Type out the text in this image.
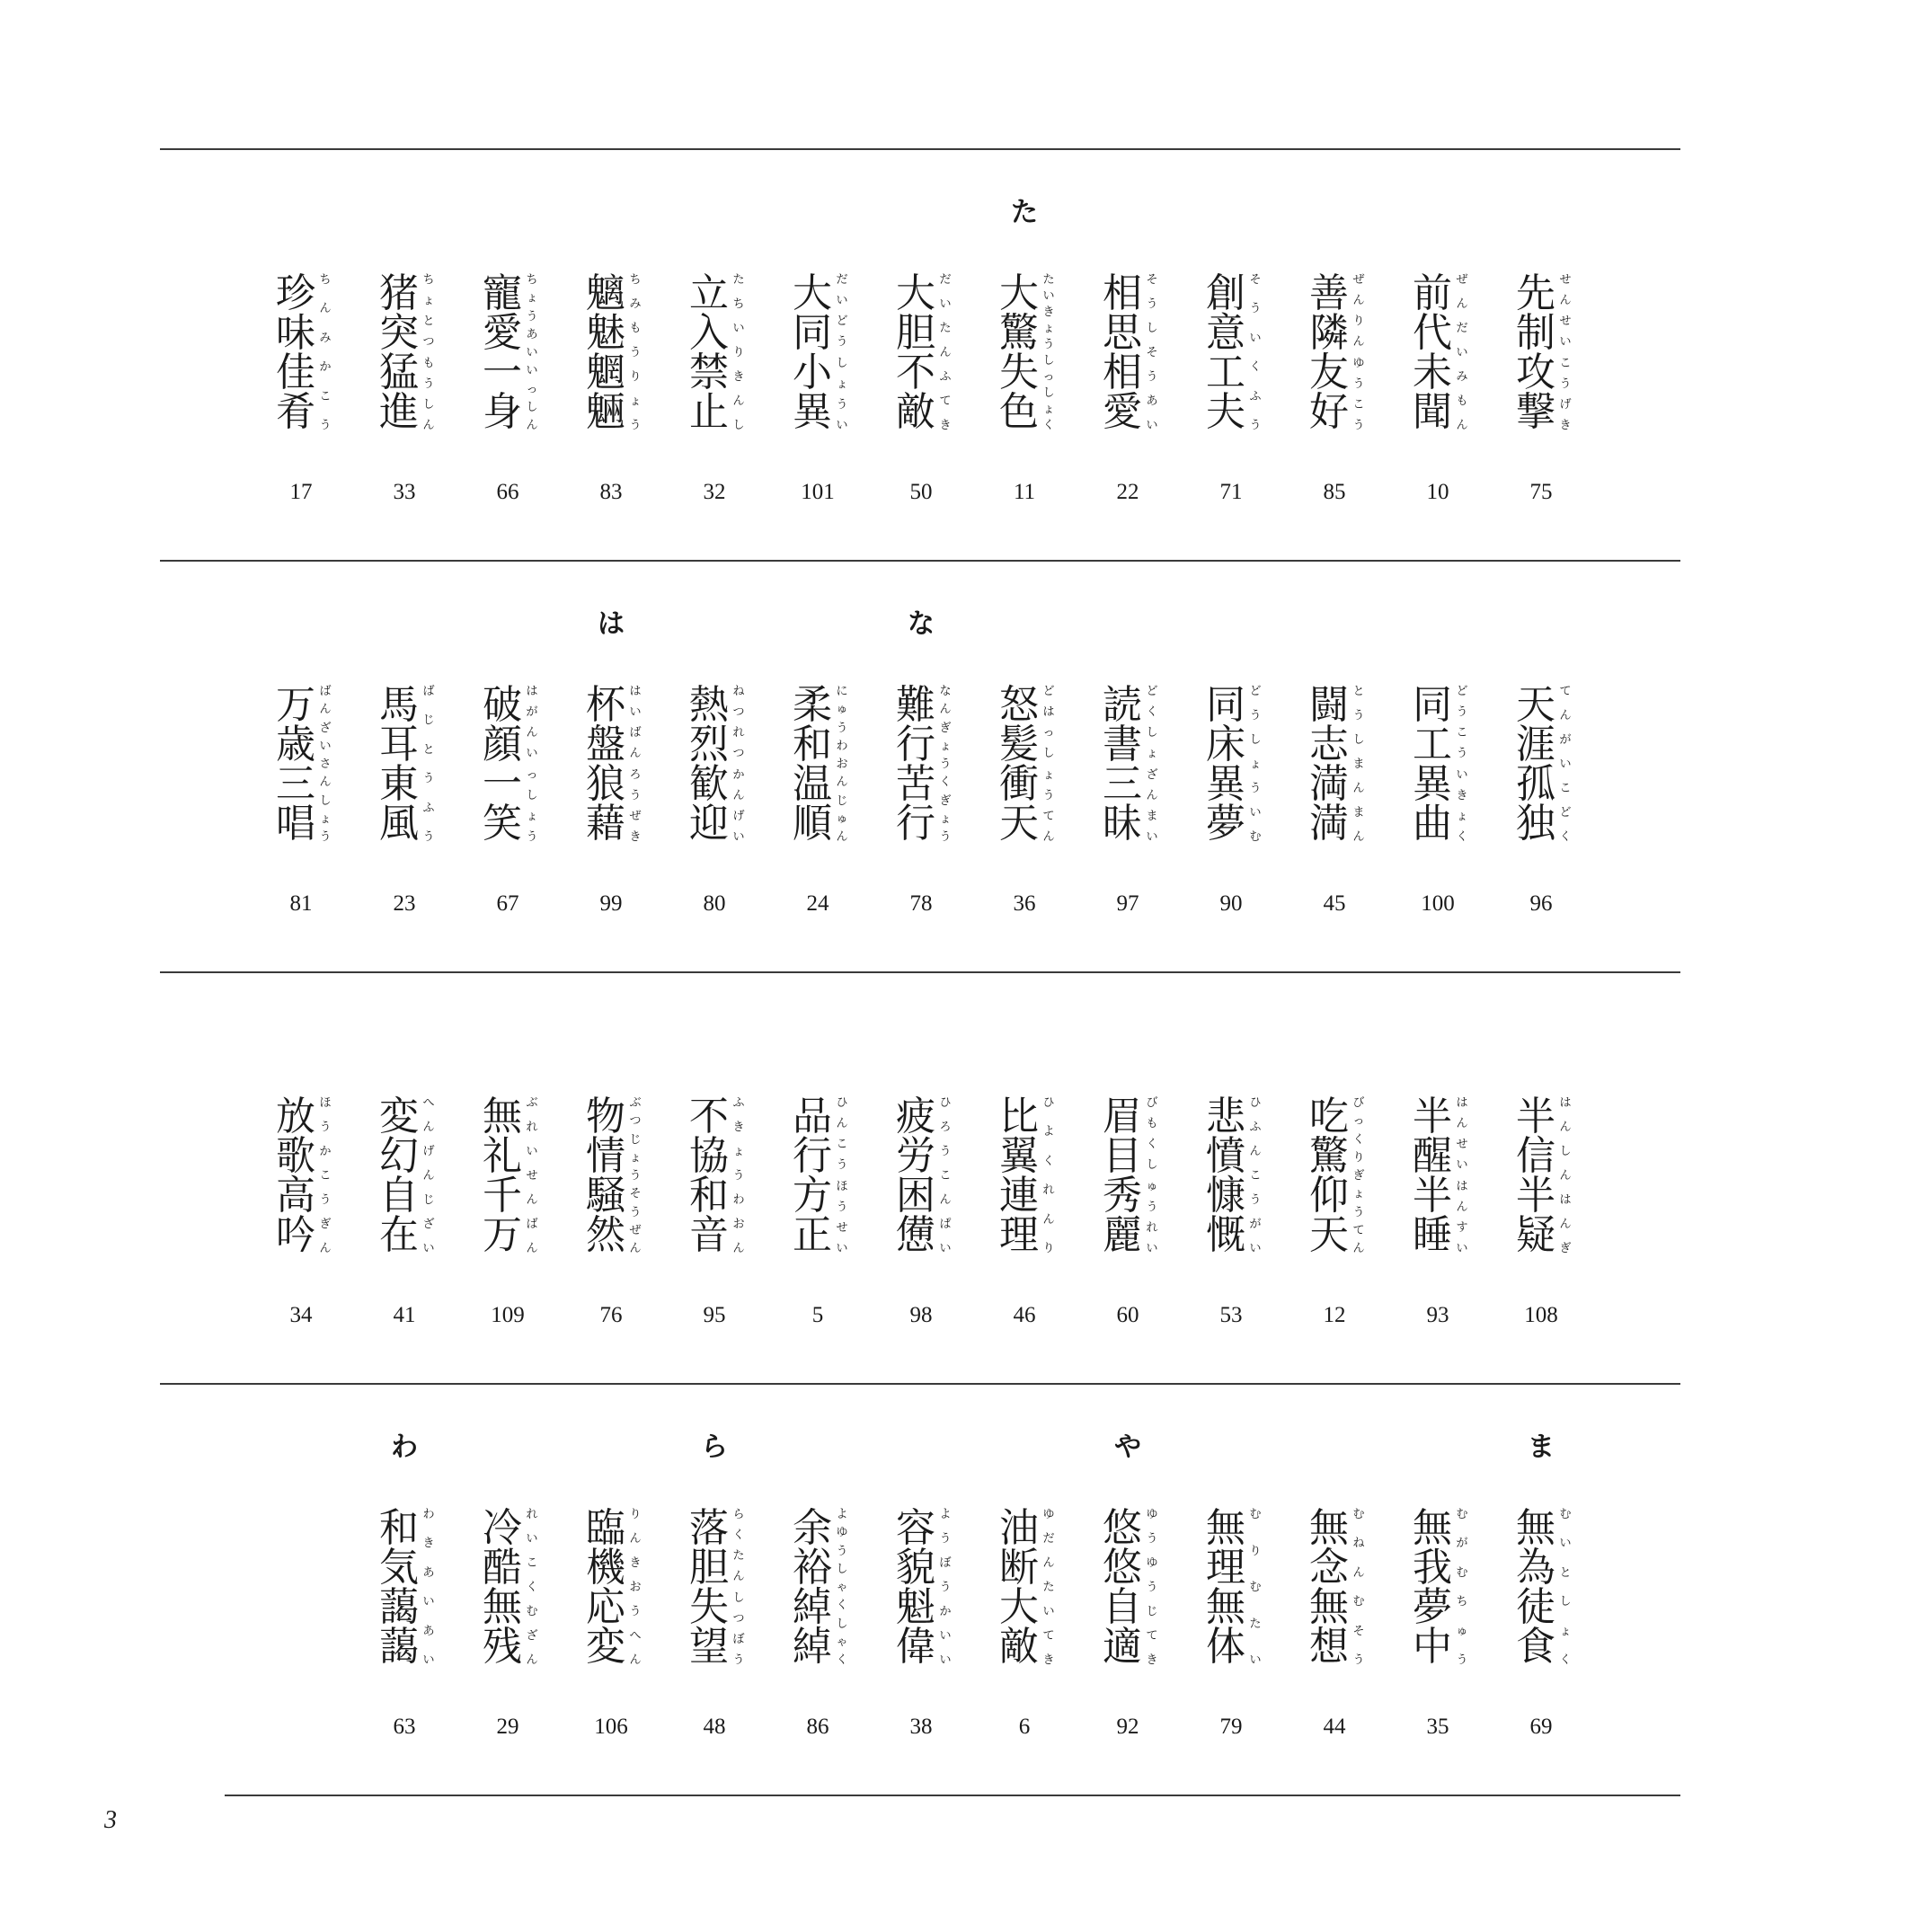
珍味佳肴
ち
ん
み
か
こ
う
17
猪突猛進
ち
ょ
と
つ
も
う
し
ん
33
寵愛一身
ち
ょ
う
あ
い
い
っ
し
ん
66
魑魅魍魎
ち
み
も
う
り
ょ
う
83
立入禁止
た
ち
い
り
き
ん
し
32
大同小異
だ
い
ど
う
し
ょ
う
い
101
大胆不敵
だ
い
た
ん
ふ
て
き
50
た
大驚失色
た
い
き
ょ
う
し
っ
し
ょ
く
11
相思相愛
そ
う
し
そ
う
あ
い
22
創意工夫
そ
う
い
く
ふ
う
71
善隣友好
ぜ
ん
り
ん
ゆ
う
こ
う
85
前代未聞
ぜ
ん
だ
い
み
も
ん
10
先制攻撃
せ
ん
せ
い
こ
う
げ
き
75
万歳三唱
ば
ん
ざ
い
さ
ん
し
ょ
う
81
馬耳東風
ば
じ
と
う
ふ
う
23
破顔一笑
は
が
ん
い
っ
し
ょ
う
67
は
杯盤狼藉
は
い
ば
ん
ろ
う
ぜ
き
99
熱烈歓迎
ね
つ
れ
つ
か
ん
げ
い
80
柔和温順
に
ゅ
う
わ
お
ん
じ
ゅ
ん
24
な
難行苦行
な
ん
ぎ
ょ
う
く
ぎ
ょ
う
78
怒髪衝天
ど
は
っ
し
ょ
う
て
ん
36
読書三昧
ど
く
し
ょ
ざ
ん
ま
い
97
同床異夢
ど
う
し
ょ
う
い
む
90
闘志満満
と
う
し
ま
ん
ま
ん
45
同工異曲
ど
う
こ
う
い
き
ょ
く
100
天涯孤独
て
ん
が
い
こ
ど
く
96
放歌高吟
ほ
う
か
こ
う
ぎ
ん
34
変幻自在
へ
ん
げ
ん
じ
ざ
い
41
無礼千万
ぶ
れ
い
せ
ん
ば
ん
109
物情騒然
ぶ
つ
じ
ょ
う
そ
う
ぜ
ん
76
不協和音
ふ
き
ょ
う
わ
お
ん
95
品行方正
ひ
ん
こ
う
ほ
う
せ
い
5
疲労困憊
ひ
ろ
う
こ
ん
ぱ
い
98
比翼連理
ひ
よ
く
れ
ん
り
46
眉目秀麗
び
も
く
し
ゅ
う
れ
い
60
悲憤慷慨
ひ
ふ
ん
こ
う
が
い
53
吃驚仰天
び
っ
く
り
ぎ
ょ
う
て
ん
12
半醒半睡
は
ん
せ
い
は
ん
す
い
93
半信半疑
は
ん
し
ん
は
ん
ぎ
108
わ
和気藹藹
わ
き
あ
い
あ
い
63
冷酷無残
れ
い
こ
く
む
ざ
ん
29
臨機応変
り
ん
き
お
う
へ
ん
106
ら
落胆失望
ら
く
た
ん
し
つ
ぼ
う
48
余裕綽綽
よ
ゆ
う
し
ゃ
く
し
ゃ
く
86
容貌魁偉
よ
う
ぼ
う
か
い
い
38
油断大敵
ゆ
だ
ん
た
い
て
き
6
や
悠悠自適
ゆ
う
ゆ
う
じ
て
き
92
無理無体
む
り
む
た
い
79
無念無想
む
ね
ん
む
そ
う
44
無我夢中
む
が
む
ち
ゅ
う
35
ま
無為徒食
む
い
と
し
ょ
く
69
3
